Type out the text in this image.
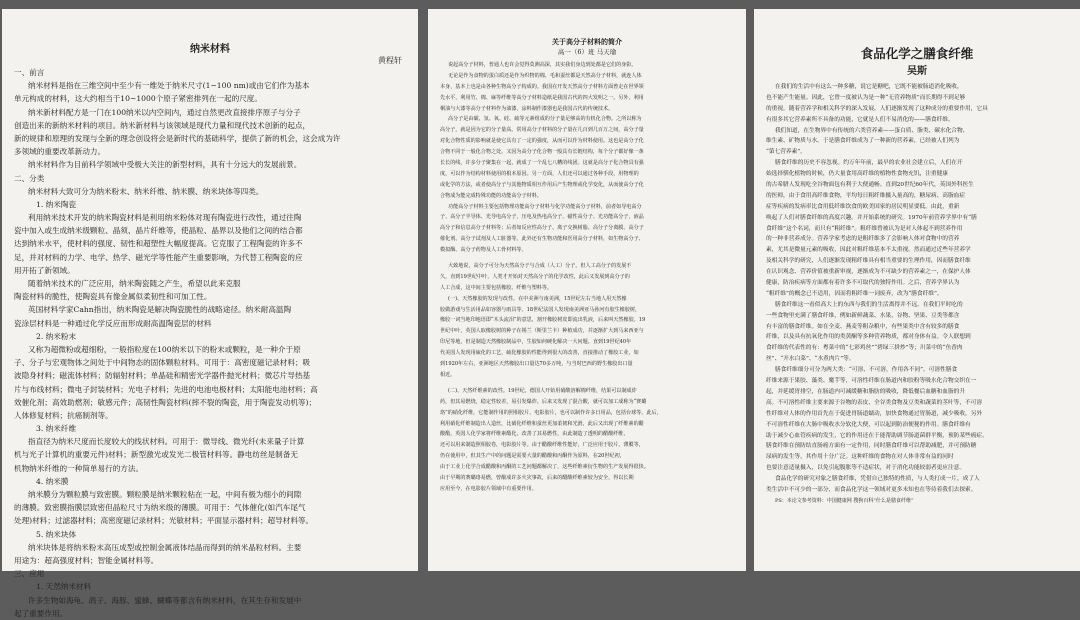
纳米材料
黄程轩

一、前言

纳米材料是指在三维空间中至少有一维处于纳米尺寸(1~100 nm)或由它们作为基本

单元构成的材料，这大约相当于10~1000个原子紧密排列在一起的尺度。

纳米新材料配方是一门在100纳米以内空间内，通过自然更改直接排序原子与分子

创造出来的新纳米材料的项目。纳米新材料与该领域是现代力量和现代技术创新的起点，

新的规律和原理的发现与全新的理念创设将会是新时代的基础科学，提供了新的机会，这会成为许

多领域的重要改革新动力。

纳米材料作为目前科学领域中受极大关注的新型材料，具有十分远大的发展前景。

二、分类

纳米材料大致可分为纳米粉末、纳米纤维、纳米膜、纳米块体等四类。

1. 纳米陶瓷

利用纳米技术开发的纳米陶瓷材料是利用纳米粉体对现有陶瓷进行改性，通过往陶

瓷中加入或生成纳米级颗粒、晶须、晶片纤维等，使晶粒、晶界以及他们之间的结合都

达到纳米水平，使材料的强度、韧性和超塑性大幅度提高。它克服了工程陶瓷的许多不

足，并对材料的力学、电学、热学、磁光学等性能产生重要影响，为代替工程陶瓷的应

用开拓了新领域。

随着纳米技术的广泛应用，纳米陶瓷随之产生，希望以此来克服

陶瓷材料的脆性，使陶瓷具有像金属似柔韧性和可加工性。

英国材料学家Cahn指出，纳米陶瓷是解决陶瓷脆性的战略途径。纳米耐高温陶

瓷涂层材料是一种通过化学反应而形成耐高温陶瓷层的材料

2. 纳米粉末

又称为超微粉或超细粉，一般指粒度在100纳米以下的粉末或颗粒，是一种介于原

子、分子与宏观物体之间处于中间物态的固体颗粒材料。可用于：高密度磁记录材料；吸

波隐身材料；磁流体材料；防辐射材料；单晶硅和精密光学器件抛光材料；微芯片导热基

片与布线材料；微电子封装材料；光电子材料；先进的电池电极材料；太阳能电池材料；高

效催化剂；高效助燃剂；敏感元件；高韧性陶瓷材料(摔不裂的陶瓷，用于陶瓷发动机等)；

人体修复材料；抗癌制剂等。

3. 纳米纤维

指直径为纳米尺度而长度较大的线状材料。可用于：微导线、微光纤(未来量子计算

机与光子计算机的重要元件)材料；新型激光或发光二极管材料等。静电纺丝是制备无

机物纳米纤维的一种简单易行的方法。

4. 纳米膜

纳米膜分为颗粒膜与致密膜。颗粒膜是纳米颗粒粘在一起，中间有极为细小的间隙

的薄膜。致密膜指膜层致密但晶粒尺寸为纳米级的薄膜。可用于：气体催化(如汽车尾气

处理)材料；过滤器材料；高密度磁记录材料；光敏材料；平面显示器材料；超导材料等。

5. 纳米块体

纳米块体是将纳米粉末高压成型或控制金属液体结晶而得到的纳米晶粒材料。主要

用途为：超高强度材料；智能金属材料等。

三、应用

1. 天然纳米材料

许多生物如海龟、鸽子、海豚、蜜蜂、蝴蝶等都含有纳米材料，在其生存和发展中

起了重要作用。

关于高分子材料的简介
高一（6）班 马天瑜

说起高分子材料，普通人也许会觉得莫测高深，其实我们身边到处都是它们的身影。

无论是作为食物的蛋白质还是作为织物的棉、毛和蚕丝都是天然高分子材料，就连人体

本身，基本上也是由各种生物高分子构成的。我国在开发天然高分子材料方面曾走在世界领

先水平，利用竹、棉、麻等纤维等高分子材料造纸是我国古代的四大发明之一。另外，利用

桐油与大漆等高分子材料作为油漆，涂料制作漆器也是我国古代的传统技术。

高分子是由碳、氢、氧、硅、硫等元素组成的分子量足够高的有机化合物。之所以称为

高分子，就是因为它的分子量高。常用高分子材料的分子量在几百到几百万之间，高分子量

对化合物性质的影响就是使它具有了一定的强度，从而可以作为材料使用。这也是高分子化

合物不同于一般化合物之处。又因为高分子化合物一般具有长链结构，每个分子都好像一条

长长的线，许多分子聚集在一起，就成了一个乱七八糟的线团。这就是高分子化合物具有强

度，可以作为结构材料使用的根本原因。另一方面，人们还可以通过各种手段，用物理的

或化学的方法，或者使高分子与其他物质相互作用后产生物理或化学变化，从而使高分子化

合物成为能完成特殊功能的功能高分子材料。

功能高分子材料主要包括物理功能高分子材料与化学功能高分子材料，前者如导电高分

子、高分子半导体、光导电高分子、压电及热电高分子、磁性高分子、光功能高分子、液晶

高分子和信息高分子材料等；后者如反应性高分子、离子交换树脂、高分子分离膜、高分子

催化剂、高分子试剂及人工脏器等。此外还有生物功能和医用高分子材料，如生物高分子、

模拟酶、高分子药物及人工骨材料等。

大致地说，高分子可分为天然高分子与合成（人工）分子。但人工高分子的发展不

久，直到19世纪中叶，人类才开始对天然高分子的化学改性，此后又发展到高分子的

人工合成，这中间主要包括橡胶、纤维与塑料等。

(一)、天然橡胶的发现与改性。在中美洲与南美洲，15世纪左右当地人用天然橡

胶做游戏与生活用品如容器与雨具等。18世纪法国人发现南美洲亚马孙河有胶生橡胶树，

橡胶一词当地印地语即“木头流泪”的意思，割开橡胶树皮即流出乳液，后来叫天然橡胶。19

世纪中叶，英国人取橡胶树的种子在锡兰（斯里兰卡）种植成功，并逐渐扩大到马来西亚与

印尼等地，但是制造天然橡胶制品中，生胶如何硬化解决一大问题。直到19世纪40年

代美国人发现用硫化的工艺，硫化橡胶的性能得到很大的改善，直接推动了橡胶工业，如

到1920年左右，亚洲地区天然橡胶出口量达70多万吨，与当时巴西的野生橡胶出口量

相近。

(二)、天然纤维素的改性。19世纪，德国人开始用硝酸溶解棉纤维，结果可以制成炸

药，但其易燃烧，稳定性较差，易引发爆炸。后来又发现了混合酸，就可以加工成称为“赛璐

珞”的硝化纤维，它能制作用的照相胶片、电影胶片，也可以制作许多日用品，包括台球等。此后，

利用硝化纤维制造出人造丝，比硝化纤维和蚕丝更加柔韧和光滑，此后又出现了纤维素的醋

酸酯，英国人化学家将纤维素酯化，改善了其易燃性，由此制造了透明的醋酸纤维，

还可以用来制造照相胶卷，电影胶片等。由于醋酸纤维性能好，广泛应用于胶片、薄膜等，

仍在使用中，但其生产中的问题是需要大量的醋酸和丙酮作为原料，在20世纪初，

由于工业上化学合成醋酸和丙酮的工艺问题都解决了，这些纤维素衍生物的生产发展得很快。

由于早期的赛璐珞易燃，曾酿成许多火灾事故，后来的醋酸纤维素较为安全，得以长期

应用至今，在电影胶片领域中有重要作用。

食品化学之膳食纤维
吴斯

在我们的生活中有这么一种多糖，说它是糖吧，它既不能被肠道消化吸收，

也不能产生能量。因此，它曾一度被认为是一种“无营养物质”而长期得不到足够

的重视。随着营养学和相关科学的深入发展，人们逐渐发现了这种成分的重要作用，它具

有很多其它营养素所不具备的功能，它就是人们不易消化的——膳食纤维。

我们知道，在生物界中有传统的六类营养素——蛋白质、脂类、碳水化合物、

维生素、矿物质与水。于是膳食纤维成为了一种新的营养素，已经被人们列为

“第七营养素”。

膳食纤维的历史不容忽视。约万年年前，最早的农业社会建立后，人们在开

始选择驯化植物的时候，仍大量食用高纤维的植物性食物充饥，注重健康

的古希腊人发现吃全谷物面包有利于大便通畅。直到20世纪60年代，英国外科医生

的医师，由于食用高纤维食物，平均每日粗纤维摄入量高的，糖尿病、高脂血症

症等疾病的发病率比食用低纤维饮食的欧美国家的居民明显要低。由此，重新

唤起了人们对膳食纤维的高度兴趣。并开始系统的研究。1970年前营养学界中有“膳

食纤维”这个名词，而只有“粗纤维”。粗纤维曾被认为是对人体起不到营养作用

的一种非营养成分。营养学家考虑的是粗纤维多了会影响人体对食物中的营养

素，尤其是微量元素的吸收，因此对粗纤维基本不太重视。然而通过近些年营养学

及相关科学的研究，人们逐渐发现粗纤维具有相当重要的生理作用，因而膳食纤维

在认识观念、营养价值被重新审视，逐渐成为不可缺少的营养素之一，在保护人体

健康，防治疾病等方面都有着许多不可取代的独特作用。之后，营养学界认为

“粗纤维”的概念已不适用，因而将粗纤维一词废弃，改为“膳食纤维”。

膳食纤维这一看似高大上的东西与我们的生活离得并不远。在我们平时吃的

一些食物里充满了膳食纤维，例如新鲜蔬菜、水果、谷物、坚果、豆类等都含

有丰富的膳食纤维。如在全麦、燕麦等粗杂粮中，有些果类中含有较多的膳食

纤维，以及具有抗氧化作用的类黄酮等多种营养物质，都对身体有益。令人联想到

食纤维的代表性的有：粤菜中的“七彩鸡丝”“碧绿三拼炒”等；川菜中的“鱼香肉

丝”、“开水白菜”、“水煮肉片”等。

膳食纤维细分可分为两大类：“可溶、不可溶，作用各不同”。可溶性膳食

纤维来源于果胶、藻类、魔芋等，可溶性纤维在肠道内和胶粉等吸水化合物交织在一

起，并延缓胃排空，在肠道内可减缓糖和脂肪的吸收，降低餐后血糖和血脂的升

高。不可溶性纤维主要来源于谷物的表皮、全谷类食物及豆类和蔬菜的茎叶等，不可溶

性纤维对人体的作用首先在于促进胃肠道蠕动，加快食物通过胃肠道，减少吸收，另外

不可溶性纤维在大肠中吸收水分软化大便，可以起到防治便秘的作用。膳食纤维有

助于减少心血管疾病的发生，它的作用还在于能帮助调节肠道菌群平衡，预防某些癌症。

膳食纤维在预防结直肠癌方面有一定作用，同时膳食纤维可以帮助减肥，并可预防糖

尿病的发生等，其作用十分广泛。这种纤维的食物在对人体非常有益的同时

也要注意适量摄入，以免引起腹胀等不适症状，对于消化功能较弱者更应注意。

食品化学的研究对象之膳食纤维，凭借自己独特的性质，与人类打成一片，成了人

类生活中不可少的一部分，而食品化学这一领域对更多未知也在等待着我们去探索。

PS：本论文参考资料：中国健康网 搜狗百科“什么是膳食纤维”
